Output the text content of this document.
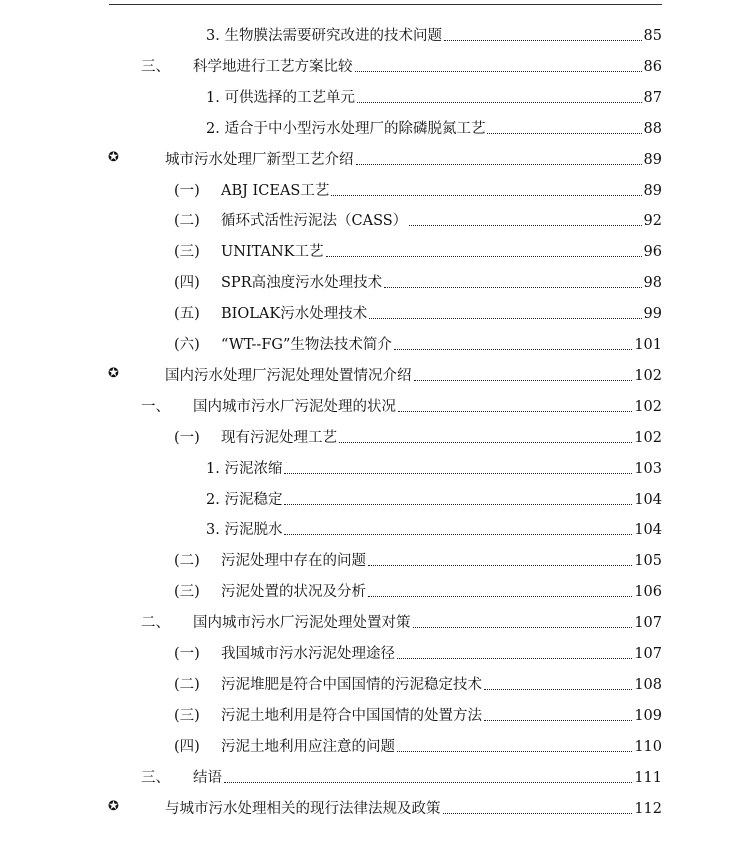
3. 生物膜法需要研究改进的技术问题	85
三、	科学地进行工艺方案比较	86
1. 可供选择的工艺单元	87
2. 适合于中小型污水处理厂的除磷脱氮工艺	88
✪	城市污水处理厂新型工艺介绍	89
(一)	ABJ ICEAS工艺	89
(二)	循环式活性污泥法（CASS）	92
(三)	UNITANK工艺	96
(四)	SPR高浊度污水处理技术	98
(五)	BIOLAK污水处理技术	99
(六)	“WT--FG”生物法技术简介	101
✪	国内污水处理厂污泥处理处置情况介绍	102
一、	国内城市污水厂污泥处理的状况	102
(一)	现有污泥处理工艺	102
1. 污泥浓缩	103
2. 污泥稳定	104
3. 污泥脱水	104
(二)	污泥处理中存在的问题	105
(三)	污泥处置的状况及分析	106
二、	国内城市污水厂污泥处理处置对策	107
(一)	我国城市污水污泥处理途径	107
(二)	污泥堆肥是符合中国国情的污泥稳定技术	108
(三)	污泥土地利用是符合中国国情的处置方法	109
(四)	污泥土地利用应注意的问题	110
三、	结语	111
✪	与城市污水处理相关的现行法律法规及政策	112
